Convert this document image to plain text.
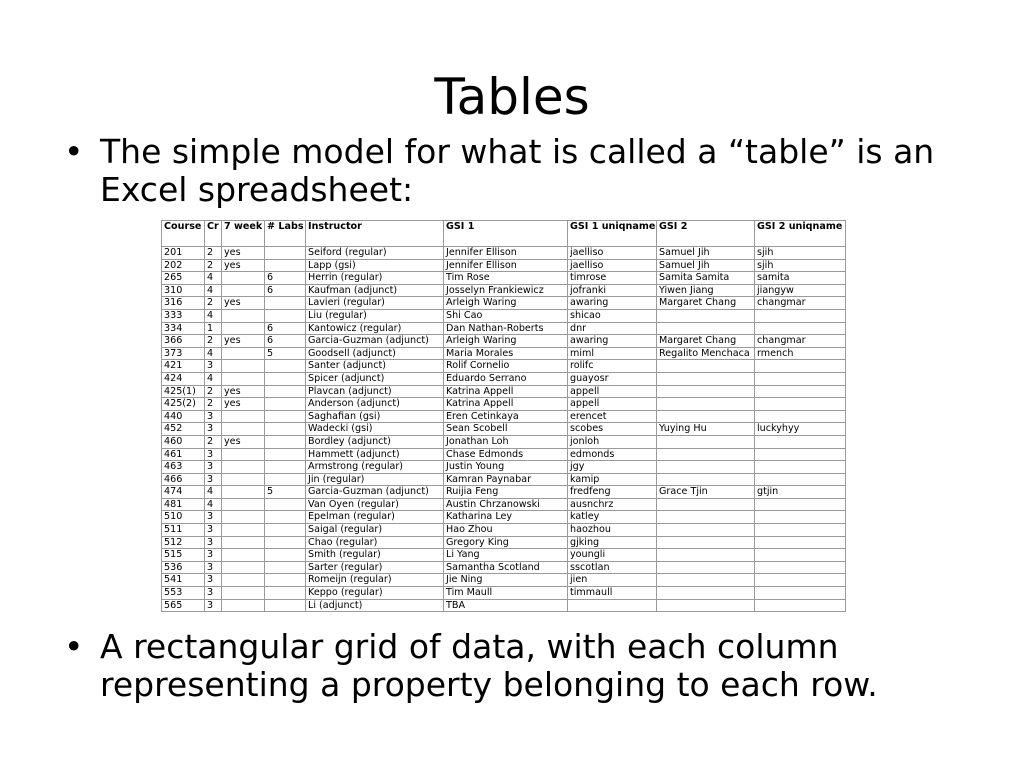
Tables
• The simple model for what is called a “table” is an
Excel spreadsheet:
Course	Cr	7 week	# Labs	Instructor	GSI 1	GSI 1 uniqname	GSI 2	GSI 2 uniqname
201	2	yes		Seiford (regular)	Jennifer Ellison	jaelliso	Samuel Jih	sjih
202	2	yes		Lapp (gsi)	Jennifer Ellison	jaelliso	Samuel Jih	sjih
265	4		6	Herrin (regular)	Tim Rose	timrose	Samita Samita	samita
310	4		6	Kaufman (adjunct)	Josselyn Frankiewicz	jofranki	Yiwen Jiang	jiangyw
316	2	yes		Lavieri (regular)	Arleigh Waring	awaring	Margaret Chang	changmar
333	4			Liu (regular)	Shi Cao	shicao		
334	1		6	Kantowicz (regular)	Dan Nathan-Roberts	dnr		
366	2	yes	6	Garcia-Guzman (adjunct)	Arleigh Waring	awaring	Margaret Chang	changmar
373	4		5	Goodsell (adjunct)	Maria Morales	miml	Regalito Menchaca	rmench
421	3			Santer (adjunct)	Rolif Cornelio	rolifc		
424	4			Spicer (adjunct)	Eduardo Serrano	guayosr		
425(1)	2	yes		Plavcan (adjunct)	Katrina Appell	appell		
425(2)	2	yes		Anderson (adjunct)	Katrina Appell	appell		
440	3			Saghafian (gsi)	Eren Cetinkaya	erencet		
452	3			Wadecki (gsi)	Sean Scobell	scobes	Yuying Hu	luckyhyy
460	2	yes		Bordley (adjunct)	Jonathan Loh	jonloh		
461	3			Hammett (adjunct)	Chase Edmonds	edmonds		
463	3			Armstrong (regular)	Justin Young	jgy		
466	3			Jin (regular)	Kamran Paynabar	kamip		
474	4		5	Garcia-Guzman (adjunct)	Ruijia Feng	fredfeng	Grace Tjin	gtjin
481	4			Van Oyen (regular)	Austin Chrzanowski	ausnchrz		
510	3			Epelman (regular)	Katharina Ley	katley		
511	3			Saigal (regular)	Hao Zhou	haozhou		
512	3			Chao (regular)	Gregory King	gjking		
515	3			Smith (regular)	Li Yang	youngli		
536	3			Sarter (regular)	Samantha Scotland	sscotlan		
541	3			Romeijn (regular)	Jie Ning	jien		
553	3			Keppo (regular)	Tim Maull	timmaull		
565	3			Li (adjunct)	TBA			
• A rectangular grid of data, with each column
representing a property belonging to each row.
